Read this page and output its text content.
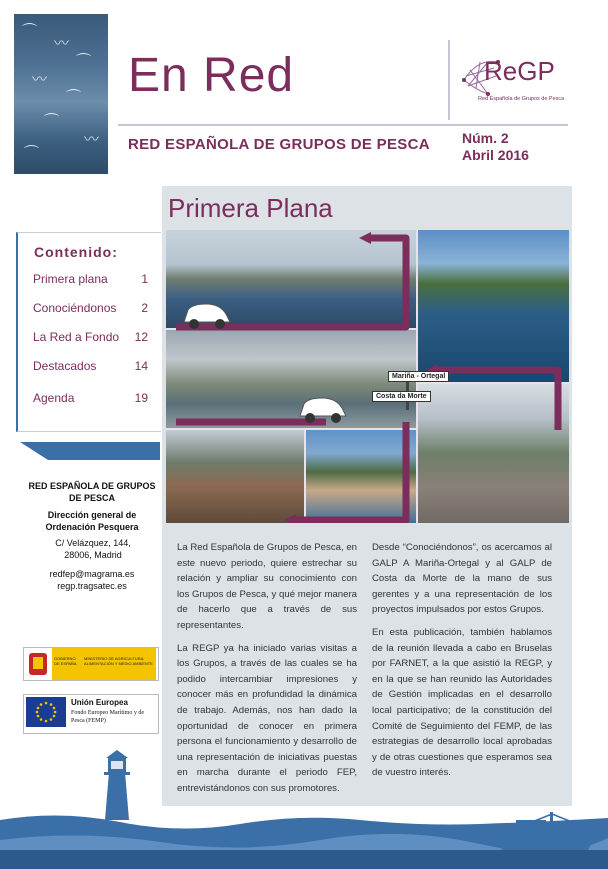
⌒
〰
⌒
〰
⌒
⌒
〰
⌒
En Red	ReGP
Red Española de Grupos de Pesca
RED ESPAÑOLA DE GRUPOS DE PESCA Núm. 2
Abril 2016
Contenido:
Primera plana	1
Conociéndonos	2
La Red a Fondo	12
Destacados	14
Agenda	19
RED ESPAÑOLA DE GRUPOS DE PESCA
Dirección general de Ordenación Pesquera
C/ Velázquez, 144, 28006, Madrid
redfep@magrama.es
regp.tragsatec.es
GOBIERNO DE ESPAÑA
MINISTERIO DE AGRICULTURA, ALIMENTACIÓN Y MEDIO AMBIENTE
Unión Europea
Fondo Europeo Marítimo y de Pesca (FEMP)
Primera Plana
Mariña - Ortegal
Costa da Morte

La Red Española de Grupos de Pesca, en este nuevo periodo, quiere estrechar su relación y ampliar su conocimiento con los Grupos de Pesca, y qué mejor manera de hacerlo que a través de sus representantes.

La REGP ya ha iniciado varias visitas a los Grupos, a través de las cuales se ha podido intercambiar impresiones y conocer más en profundidad la dinámica de trabajo. Además, nos han dado la oportunidad de conocer en primera persona el funcionamiento y desarrollo de una representación de iniciativas puestas en marcha durante el periodo FEP, entrevistándonos con sus promotores.

Desde “Conociéndonos”, os acercamos al GALP A Mariña-Ortegal y al GALP de Costa da Morte de la mano de sus gerentes y a una representación de los proyectos impulsados por estos Grupos.

En esta publicación, también hablamos de la reunión llevada a cabo en Bruselas por FARNET, a la que asistió la REGP, y en la que se han reunido las Autoridades de Gestión implicadas en el desarrollo local participativo; de la constitución del Comité de Seguimiento del FEMP, de las estrategias de desarrollo local aprobadas y de otras cuestiones que esperamos sea de vuestro interés.
